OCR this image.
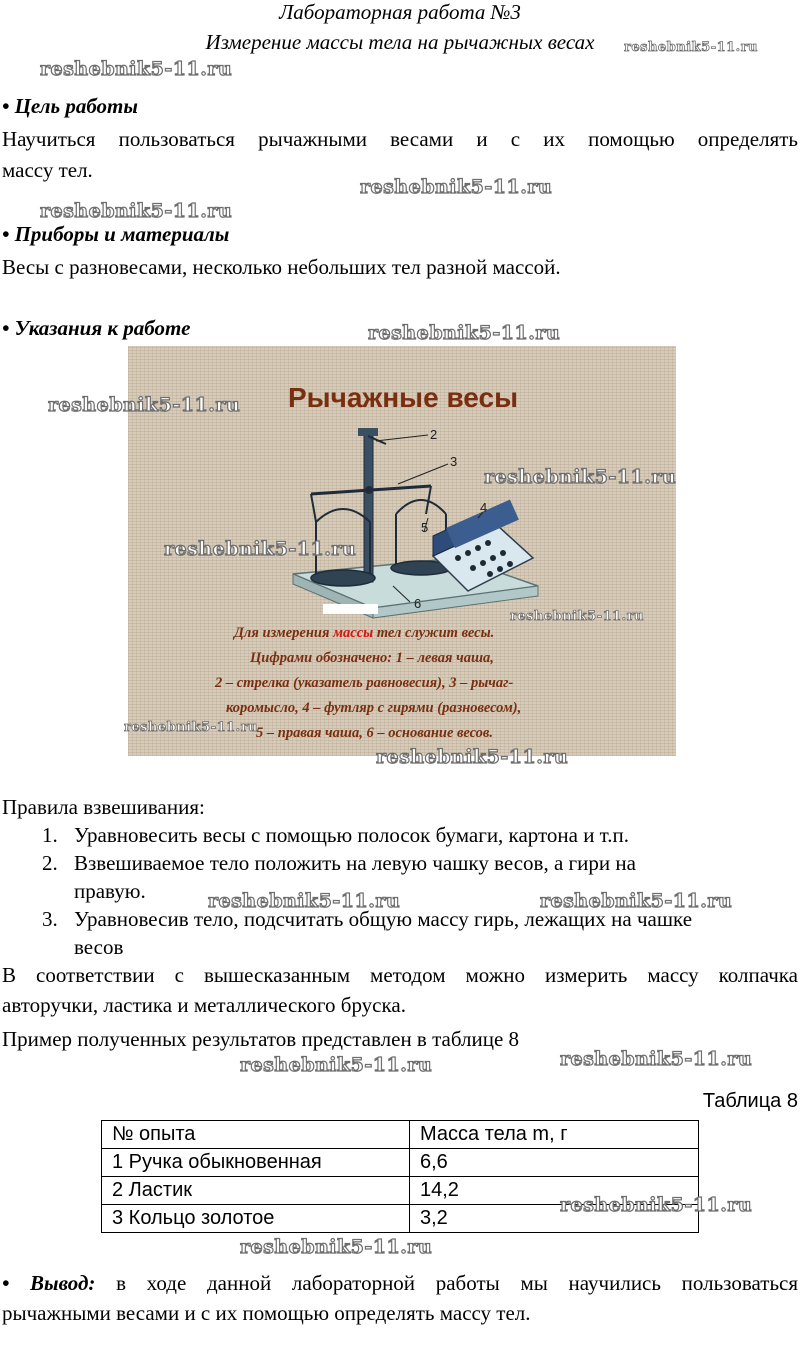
Лабораторная работа №3
Измерение массы тела на рычажных весах
• Цель работы
Научиться пользоваться рычажными весами и с их помощью определять
массу тел.
• Приборы и материалы
Весы с разновесами, несколько небольших тел разной массой.
• Указания к работе
Рычажные весы
2
3
4
5
6
Для измерения массы тел служит весы.
Цифрами обозначено: 1 – левая чаша,
2 – стрелка (указатель равновесия), 3 – рычаг-
коромысло, 4 – футляр с гирями (разновесом),
5 – правая чаша, 6 – основание весов.
Правила взвешивания:
1. Уравновесить весы с помощью полосок бумаги, картона и т.п.
2. Взвешиваемое тело положить на левую чашку весов, а гири на
правую.
3. Уравновесив тело, подсчитать общую массу гирь, лежащих на чашке
весов
В соответствии с вышесказанным методом можно измерить массу колпачка
авторучки, ластика и металлического бруска.
Пример полученных результатов представлен в таблице 8
Таблица 8
№ опыта	Масса тела m, г
1 Ручка обыкновенная	6,6
2 Ластик	14,2
3 Кольцо золотое	3,2
• Вывод: в ходе данной лабораторной работы мы научились пользоваться
рычажными весами и с их помощью определять массу тел.
reshebnik5-11.ru
reshebnik5-11.ru
reshebnik5-11.ru
reshebnik5-11.ru
reshebnik5-11.ru
reshebnik5-11.ru
reshebnik5-11.ru
reshebnik5-11.ru
reshebnik5-11.ru
reshebnik5-11.ru
reshebnik5-11.ru
reshebnik5-11.ru	reshebnik5-11.ru
reshebnik5-11.ru	reshebnik5-11.ru
reshebnik5-11.ru
reshebnik5-11.ru
